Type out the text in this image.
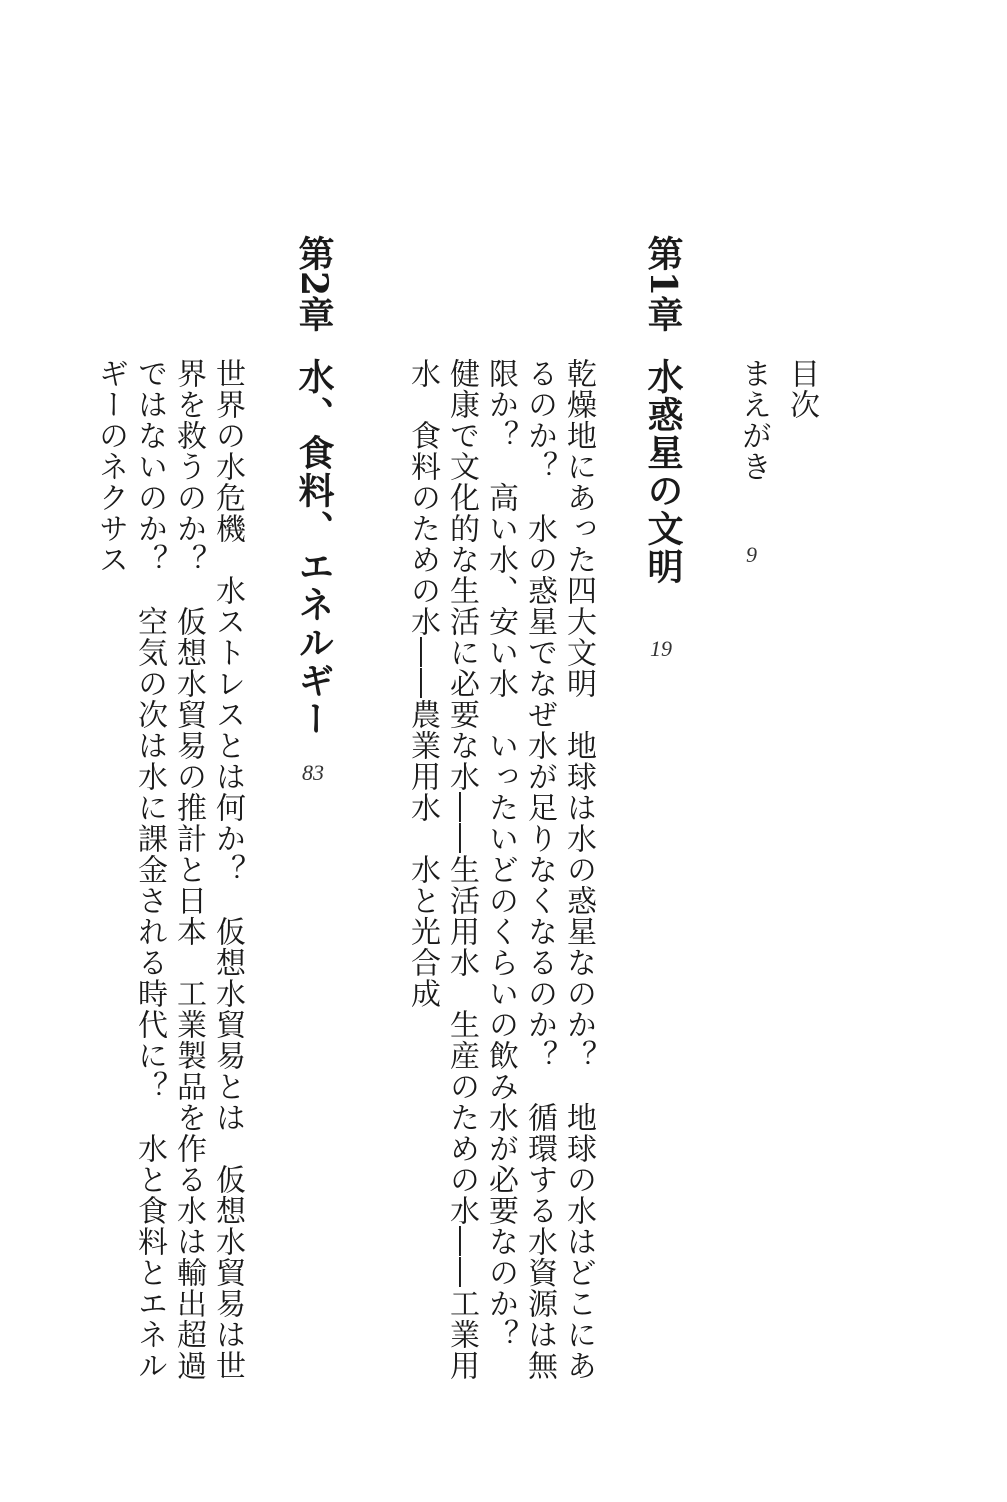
目次
まえがき
9
第1章
水惑星の文明
19
乾燥地にあった四大文明　地球は水の惑星なのか？　地球の水はどこにあ
るのか？　水の惑星でなぜ水が足りなくなるのか？　循環する水資源は無
限か？　高い水、安い水　いったいどのくらいの飲み水が必要なのか？
健康で文化的な生活に必要な水――生活用水　生産のための水――工業用
水　食料のための水――農業用水　水と光合成
第2章
水、食料、エネルギー
83
世界の水危機　水ストレスとは何か？　仮想水貿易とは　仮想水貿易は世
界を救うのか？　仮想水貿易の推計と日本　工業製品を作る水は輸出超過
ではないのか？　空気の次は水に課金される時代に？　水と食料とエネル
ギーのネクサス
